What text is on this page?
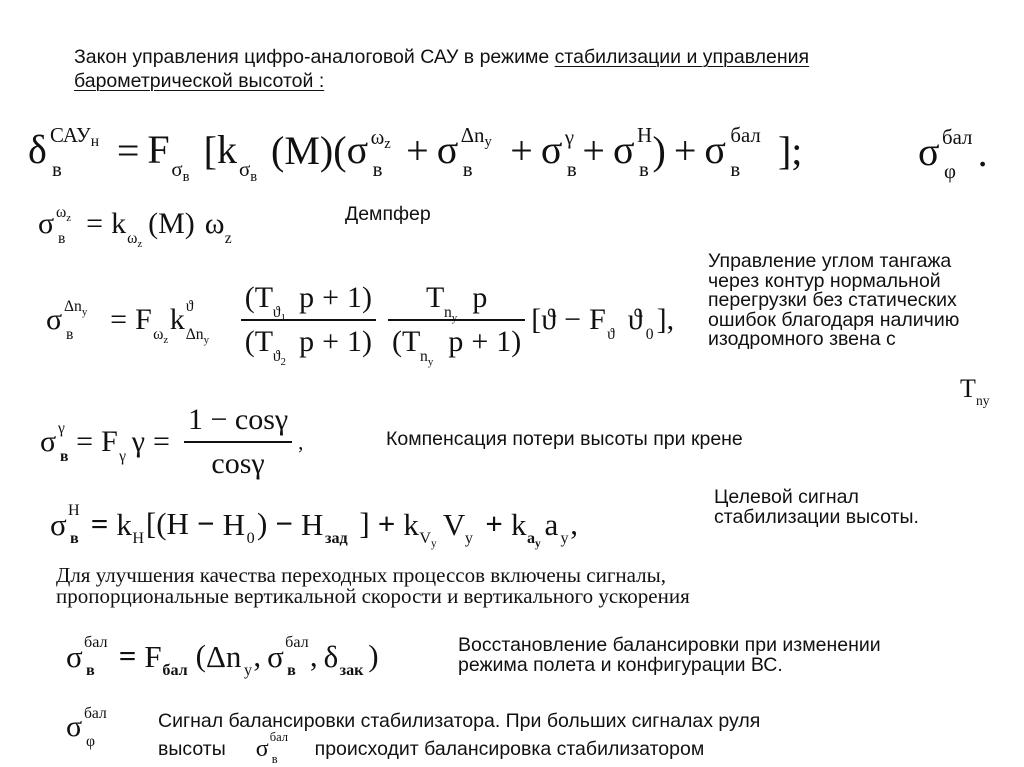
Закон управления цифро-аналоговой САУ в режиме стабилизации и управления
барометрической высотой :
δ САУн
в = F $\sigma_в$
[ k $\sigma_в$
( M ) ( σ ωz
в + σ Δny
в + σ γ
в + σ H
в ) + σ бал
в ];	σ бал
φ .
σ $\omega_z$
в = k $\omega_z$
( M ) ω z
Демпфер
σ $\Delta n_y$
в = F $\omega_z$
k ϑ
$\Delta n_y$ (T $ϑ_1$
p + 1)
(T $ϑ_2$
p + 1) T $n_y$
p
(T $n_y$
p + 1) [ ϑ − F ϑ ϑ 0 ] ,
Управление углом тангажа
через контур нормальной
перегрузки без статических
ошибок благодаря наличию
изодромного звена с
T ny
σ γ
в = F γ $\gamma = \frac{1 - \cos\gamma}{\cos\gamma}$ ,	Компенсация потери высоты при крене
σ H
в = k H [ ( H − H 0 ) − H зад ] + k $V_y$
V y + k $a_y$
a y ,
Целевой сигнал
стабилизации высоты.
Для улучшения качества переходных процессов включены сигналы,
пропорциональные вертикальной скорости и вертикального ускорения
σ бал
в = F бал ( Δn y , σ бал
в , δ зак )	Восстановление балансировки при изменении
режима полета и конфигурации ВС.
σ бал
φ
Сигнал балансировки стабилизатора. При больших сигналах руля
высоты σ бал
в происходит балансировка стабилизатором
